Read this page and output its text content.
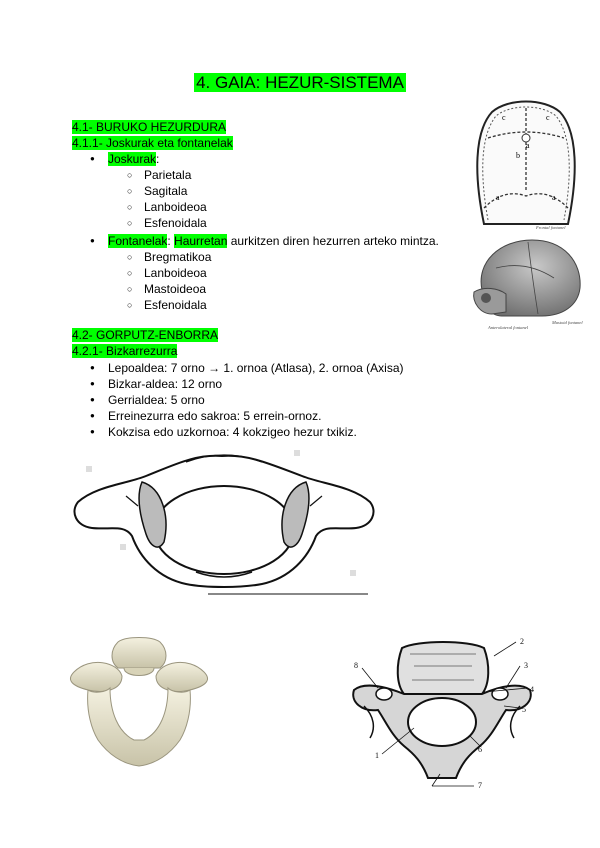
4. GAIA: HEZUR-SISTEMA
4.1- BURUKO HEZURDURA
4.1.1- Joskurak eta fontanelak
● Joskurak:
○ Parietala
○ Sagitala
○ Lanboideoa
○ Esfenoidala
● Fontanelak: Haurretan aurkitzen diren hezurren arteko mintza.
○ Bregmatikoa
○ Lanboideoa
○ Mastoideoa
○ Esfenoidala
4.2- GORPUTZ-ENBORRA
4.2.1- Bizkarrezurra
● Lepoaldea: 7 orno → 1. ornoa (Atlasa), 2. ornoa (Axisa)
● Bizkar-aldea: 12 orno
● Gerrialdea: 5 orno
● Erreinezurra edo sakroa: 5 errein-ornoz.
● Kokzisa edo uzkornoa: 4 kokzigeo hezur txikiz.
c	c
a
b
a	a
Frontal fontanel
Anterolateral fontanel
Mastoid fontanel
1
2
3
4
5
6
7
8
